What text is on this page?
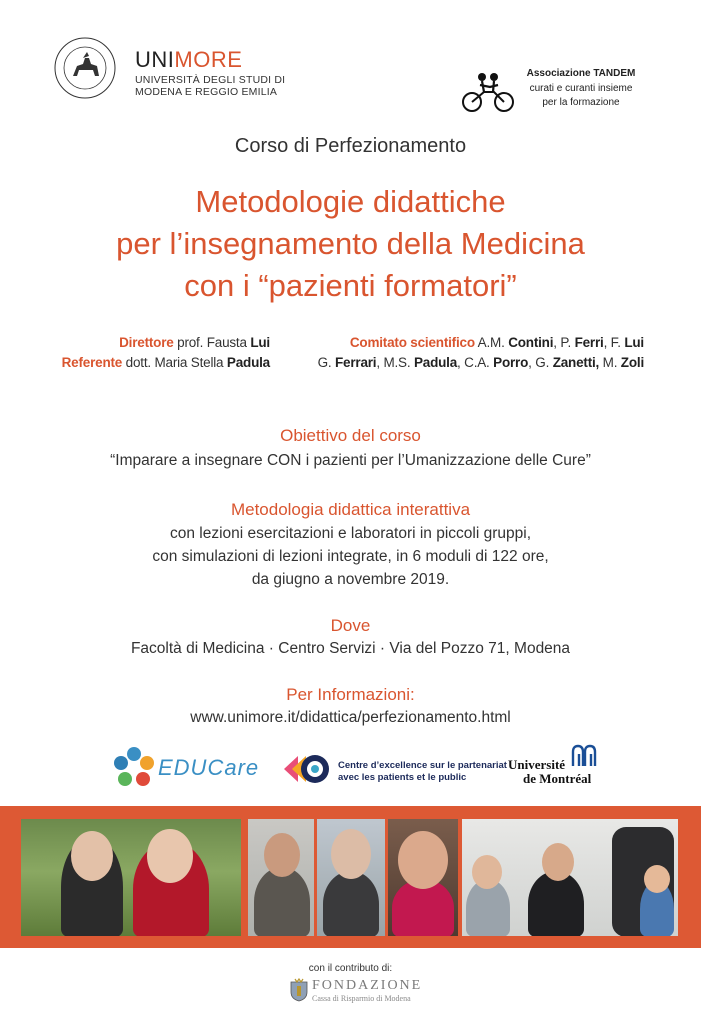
UNIMORE
UNIVERSITÀ DEGLI STUDI DI
MODENA E REGGIO EMILIA
Associazione TANDEM
curati e curanti insieme
per la formazione
Corso di Perfezionamento
Metodologie didattiche
per l’insegnamento della Medicina
con i “pazienti formatori”
Direttore prof. Fausta Lui
Referente dott. Maria Stella Padula
Comitato scientifico A.M. Contini, P. Ferri, F. Lui
G. Ferrari, M.S. Padula, C.A. Porro, G. Zanetti, M. Zoli
Obiettivo del corso
“Imparare a insegnare CON i pazienti per l’Umanizzazione delle Cure”
Metodologia didattica interattiva
con lezioni esercitazioni e laboratori in piccoli gruppi,
con simulazioni di lezioni integrate, in 6 moduli di 122 ore,
da giugno a novembre 2019.
Dove
Facoltà di Medicina · Centro Servizi · Via del Pozzo 71, Modena
Per Informazioni:
www.unimore.it/didattica/perfezionamento.html
EDUCare	Centre d’excellence sur le partenariat
avec les patients et le public
Université
de Montréal
con il contributo di:
FONDAZIONE
Cassa di Risparmio di Modena
